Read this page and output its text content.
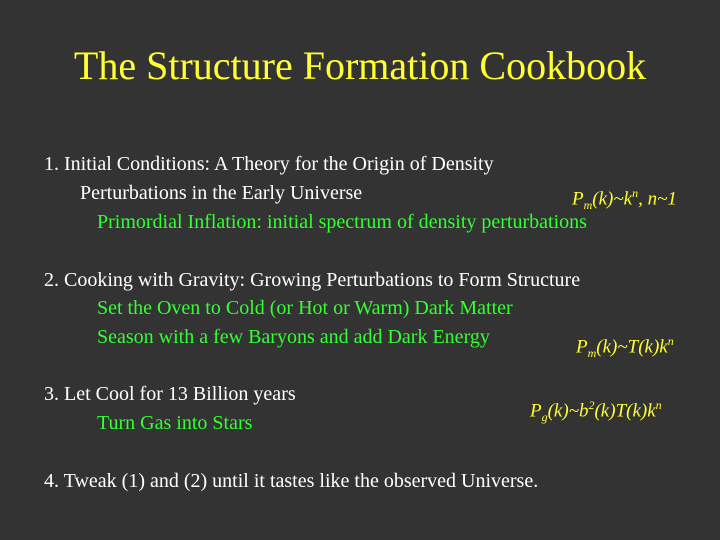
The Structure Formation Cookbook
1. Initial Conditions: A Theory for the Origin of Density
Perturbations in the Early Universe
Primordial Inflation: initial spectrum of density perturbations
2. Cooking with Gravity: Growing Perturbations to Form Structure
Set the Oven to Cold (or Hot or Warm) Dark Matter
Season with a few Baryons and add Dark Energy
3. Let Cool for 13 Billion years
Turn Gas into Stars
4. Tweak (1) and (2) until it tastes like the observed Universe.
$P_m(k)\sim k^n$, n~1
$P_m(k)\sim T(k)k^n$
$P_g(k)\sim b^2(k)T(k)k^n$
